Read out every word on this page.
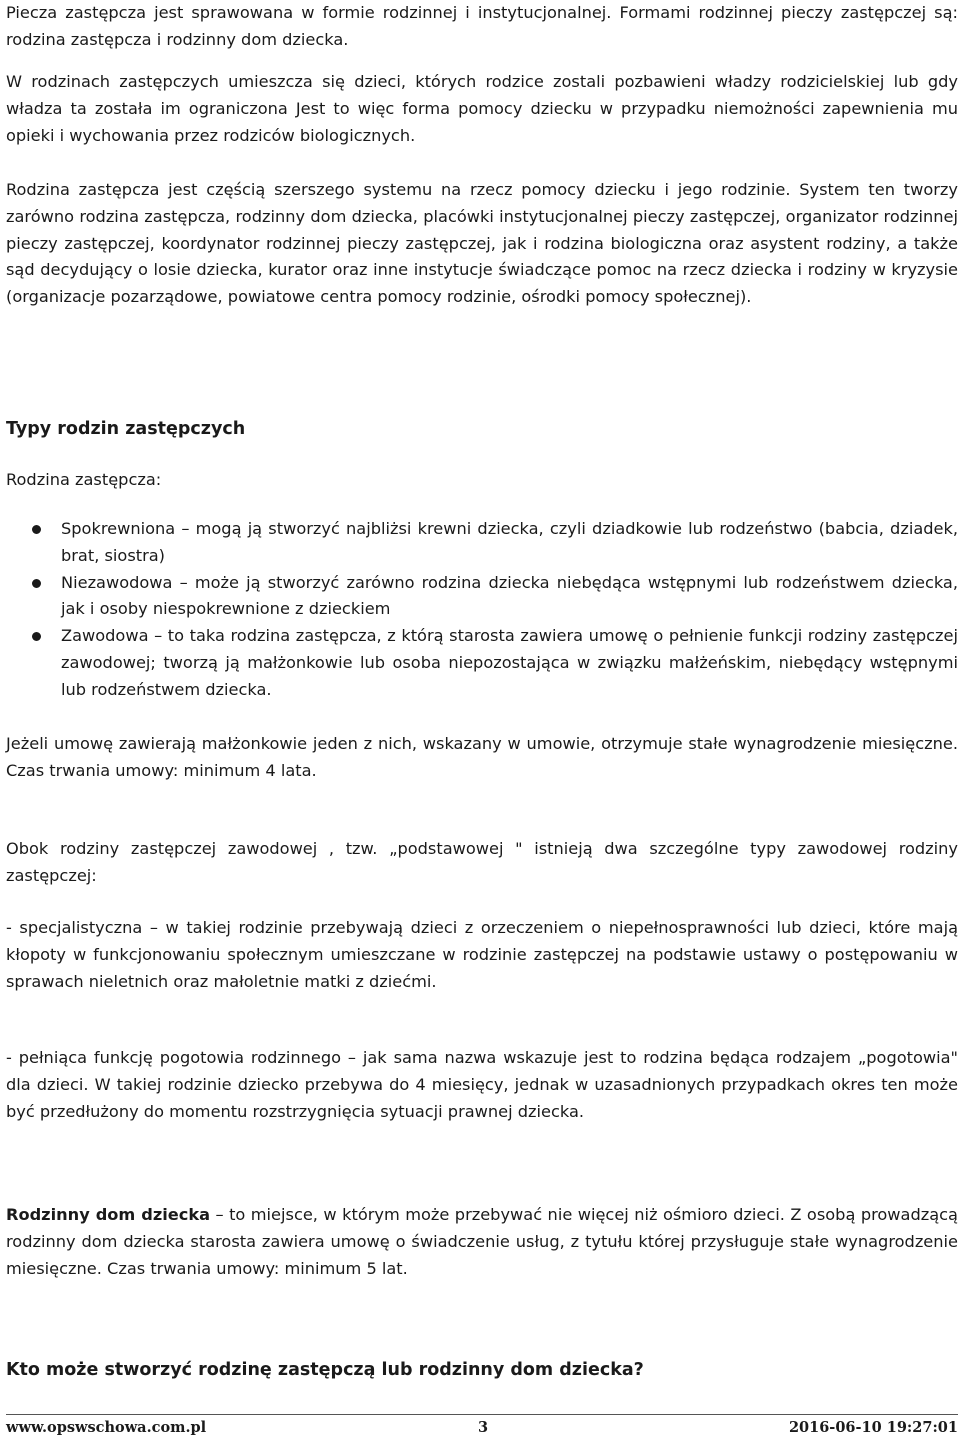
Piecza zastępcza jest sprawowana w formie rodzinnej i instytucjonalnej. Formami rodzinnej pieczy zastępczej są: rodzina zastępcza i rodzinny dom dziecka.

W rodzinach zastępczych umieszcza się dzieci, których rodzice zostali pozbawieni władzy rodzicielskiej lub gdy władza ta została im ograniczona Jest to więc forma pomocy dziecku w przypadku niemożności zapewnienia mu opieki i wychowania przez rodziców biologicznych.

Rodzina zastępcza jest częścią szerszego systemu na rzecz pomocy dziecku i jego rodzinie. System ten tworzy zarówno rodzina zastępcza, rodzinny dom dziecka, placówki instytucjonalnej pieczy zastępczej, organizator rodzinnej pieczy zastępczej, koordynator rodzinnej pieczy zastępczej, jak i rodzina biologiczna oraz asystent rodziny, a także sąd decydujący o losie dziecka, kurator oraz inne instytucje świadczące pomoc na rzecz dziecka i rodziny w kryzysie (organizacje pozarządowe, powiatowe centra pomocy rodzinie, ośrodki pomocy społecznej).

Typy rodzin zastępczych

Rodzina zastępcza:

Spokrewniona – mogą ją stworzyć najbliżsi krewni dziecka, czyli dziadkowie lub rodzeństwo (babcia, dziadek, brat, siostra)
Niezawodowa – może ją stworzyć zarówno rodzina dziecka niebędąca wstępnymi lub rodzeństwem dziecka, jak i osoby niespokrewnione z dzieckiem
Zawodowa – to taka rodzina zastępcza, z którą starosta zawiera umowę o pełnienie funkcji rodziny zastępczej zawodowej; tworzą ją małżonkowie lub osoba niepozostająca w związku małżeńskim, niebędący wstępnymi lub rodzeństwem dziecka.

Jeżeli umowę zawierają małżonkowie jeden z nich, wskazany w umowie, otrzymuje stałe wynagrodzenie miesięczne. Czas trwania umowy: minimum 4 lata.

Obok rodziny zastępczej zawodowej , tzw. „podstawowej " istnieją dwa szczególne typy zawodowej rodziny zastępczej:

- specjalistyczna – w takiej rodzinie przebywają dzieci z orzeczeniem o niepełnosprawności lub dzieci, które mają kłopoty w funkcjonowaniu społecznym umieszczane w rodzinie zastępczej na podstawie ustawy o postępowaniu w sprawach nieletnich oraz małoletnie matki z dziećmi.

- pełniąca funkcję pogotowia rodzinnego – jak sama nazwa wskazuje jest to rodzina będąca rodzajem „pogotowia" dla dzieci. W takiej rodzinie dziecko przebywa do 4 miesięcy, jednak w uzasadnionych przypadkach okres ten może być przedłużony do momentu rozstrzygnięcia sytuacji prawnej dziecka.

Rodzinny dom dziecka – to miejsce, w którym może przebywać nie więcej niż ośmioro dzieci. Z osobą prowadzącą rodzinny dom dziecka starosta zawiera umowę o świadczenie usług, z tytułu której przysługuje stałe wynagrodzenie miesięczne. Czas trwania umowy: minimum 5 lat.

Kto może stworzyć rodzinę zastępczą lub rodzinny dom dziecka?
www.opswschowa.com.pl	3	2016-06-10 19:27:01
